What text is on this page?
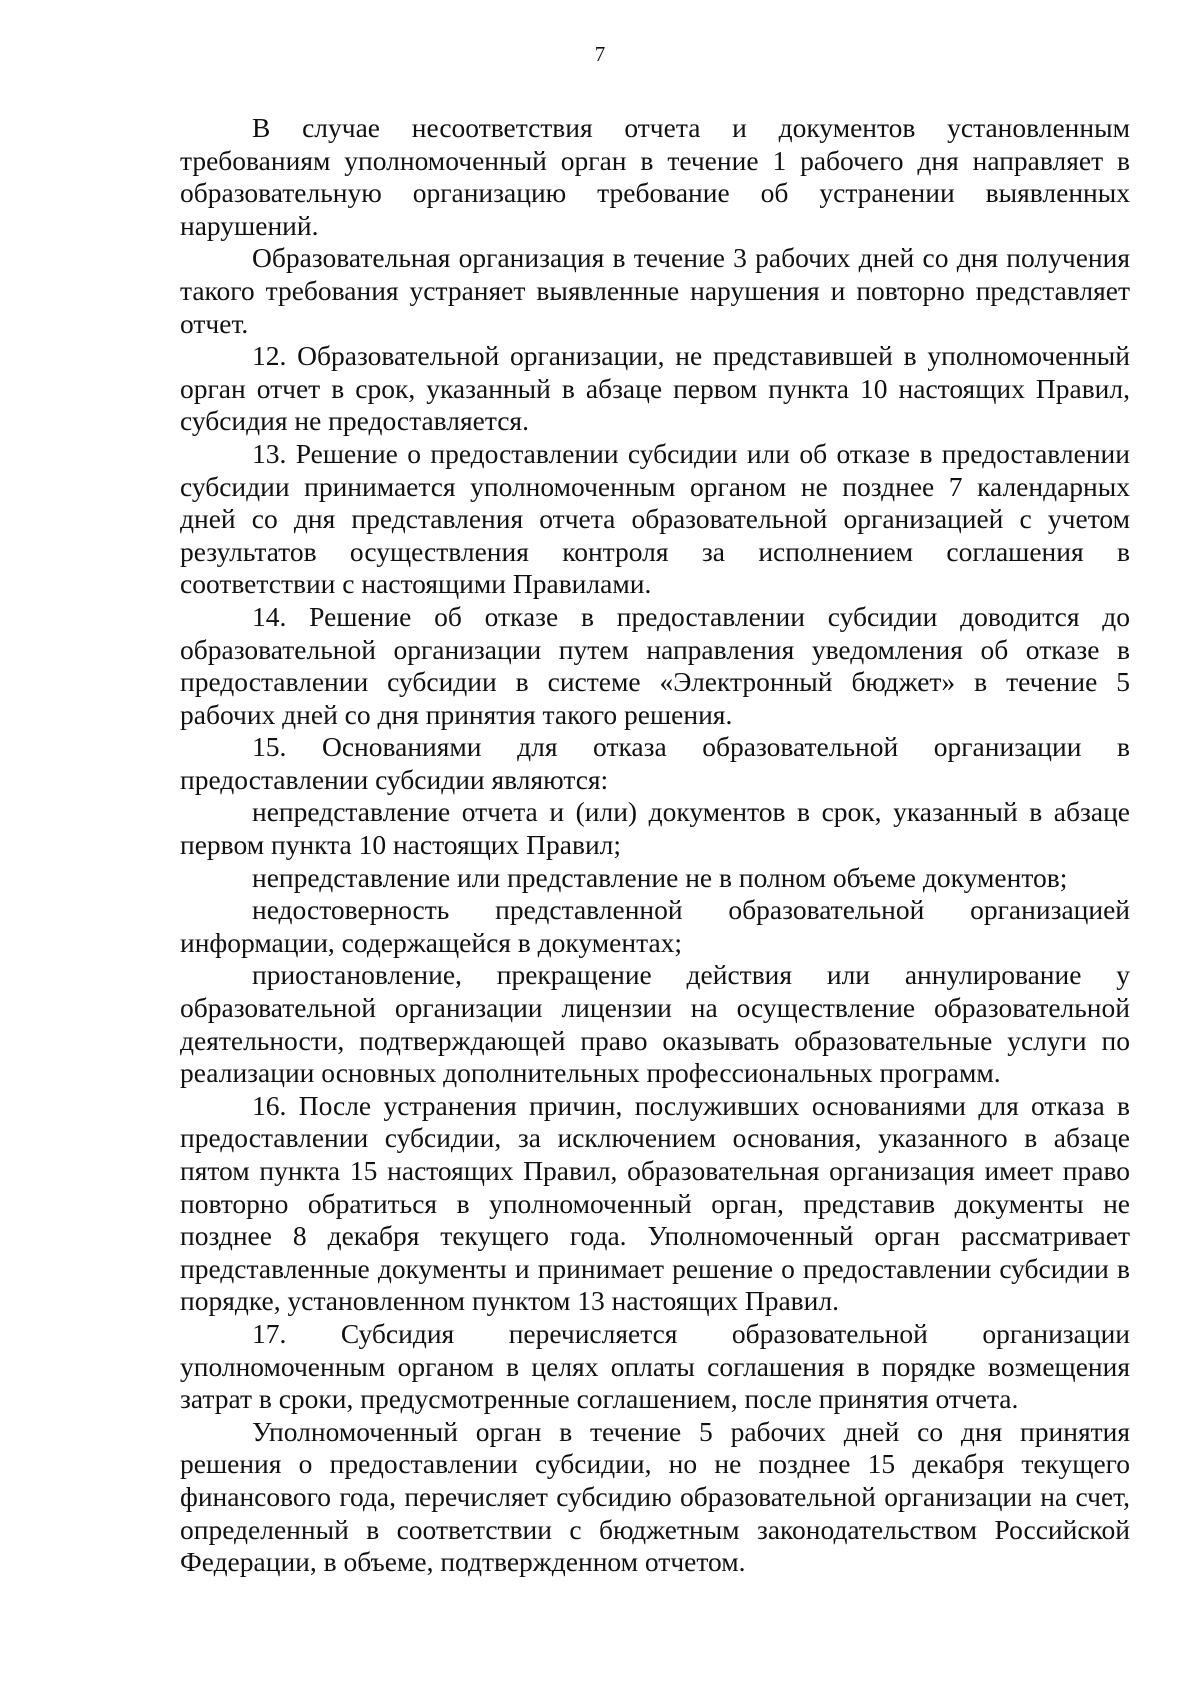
7

В случае несоответствия отчета и документов установленным требованиям уполномоченный орган в течение 1 рабочего дня направляет в образовательную организацию требование об устранении выявленных нарушений.

Образовательная организация в течение 3 рабочих дней со дня получения такого требования устраняет выявленные нарушения и повторно представляет отчет.

12. Образовательной организации, не представившей в уполномоченный орган отчет в срок, указанный в абзаце первом пункта 10 настоящих Правил, субсидия не предоставляется.

13. Решение о предоставлении субсидии или об отказе в предоставлении субсидии принимается уполномоченным органом не позднее 7 календарных дней со дня представления отчета образовательной организацией с учетом результатов осуществления контроля за исполнением соглашения в соответствии с настоящими Правилами.

14. Решение об отказе в предоставлении субсидии доводится до образовательной организации путем направления уведомления об отказе в предоставлении субсидии в системе «Электронный бюджет» в течение 5 рабочих дней со дня принятия такого решения.

15. Основаниями для отказа образовательной организации в предоставлении субсидии являются:

непредставление отчета и (или) документов в срок, указанный в абзаце первом пункта 10 настоящих Правил;

непредставление или представление не в полном объеме документов;

недостоверность представленной образовательной организацией информации, содержащейся в документах;

приостановление, прекращение действия или аннулирование у образовательной организации лицензии на осуществление образовательной деятельности, подтверждающей право оказывать образовательные услуги по реализации основных дополнительных профессиональных программ.

16. После устранения причин, послуживших основаниями для отказа в предоставлении субсидии, за исключением основания, указанного в абзаце пятом пункта 15 настоящих Правил, образовательная организация имеет право повторно обратиться в уполномоченный орган, представив документы не позднее 8 декабря текущего года. Уполномоченный орган рассматривает представленные документы и принимает решение о предоставлении субсидии в порядке, установленном пунктом 13 настоящих Правил.

17. Субсидия перечисляется образовательной организации уполномоченным органом в целях оплаты соглашения в порядке возмещения затрат в сроки, предусмотренные соглашением, после принятия отчета.

Уполномоченный орган в течение 5 рабочих дней со дня принятия решения о предоставлении субсидии, но не позднее 15 декабря текущего финансового года, перечисляет субсидию образовательной организации на счет, определенный в соответствии с бюджетным законодательством Российской Федерации, в объеме, подтвержденном отчетом.
